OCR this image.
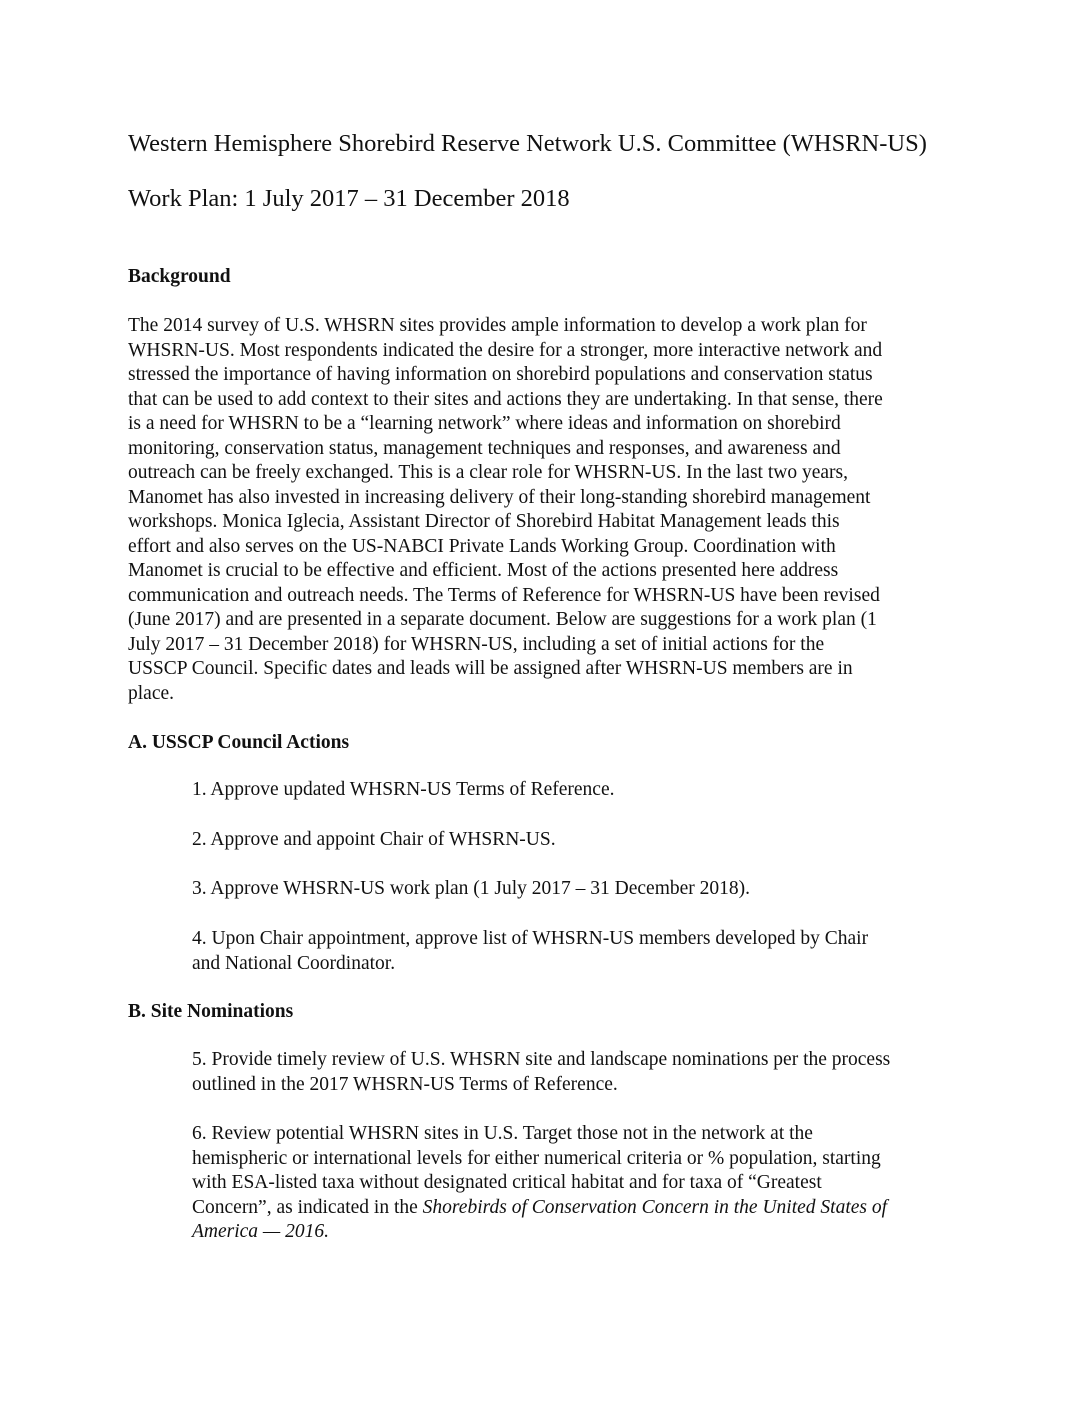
Western Hemisphere Shorebird Reserve Network U.S. Committee (WHSRN-US)
Work Plan: 1 July 2017 – 31 December 2018
Background

The 2014 survey of U.S. WHSRN sites provides ample information to develop a work plan for
WHSRN-US. Most respondents indicated the desire for a stronger, more interactive network and
stressed the importance of having information on shorebird populations and conservation status
that can be used to add context to their sites and actions they are undertaking. In that sense, there
is a need for WHSRN to be a “learning network” where ideas and information on shorebird
monitoring, conservation status, management techniques and responses, and awareness and
outreach can be freely exchanged. This is a clear role for WHSRN-US. In the last two years,
Manomet has also invested in increasing delivery of their long-standing shorebird management
workshops. Monica Iglecia, Assistant Director of Shorebird Habitat Management leads this
effort and also serves on the US-NABCI Private Lands Working Group. Coordination with
Manomet is crucial to be effective and efficient. Most of the actions presented here address
communication and outreach needs. The Terms of Reference for WHSRN-US have been revised
(June 2017) and are presented in a separate document. Below are suggestions for a work plan (1
July 2017 – 31 December 2018) for WHSRN-US, including a set of initial actions for the
USSCP Council. Specific dates and leads will be assigned after WHSRN-US members are in
place.

A. USSCP Council Actions

1. Approve updated WHSRN-US Terms of Reference.

2. Approve and appoint Chair of WHSRN-US.

3. Approve WHSRN-US work plan (1 July 2017 – 31 December 2018).

4. Upon Chair appointment, approve list of WHSRN-US members developed by Chair
and National Coordinator.

B. Site Nominations

5. Provide timely review of U.S. WHSRN site and landscape nominations per the process
outlined in the 2017 WHSRN-US Terms of Reference.

6. Review potential WHSRN sites in U.S. Target those not in the network at the
hemispheric or international levels for either numerical criteria or % population, starting
with ESA-listed taxa without designated critical habitat and for taxa of “Greatest
Concern”, as indicated in the Shorebirds of Conservation Concern in the United States of
America — 2016.
